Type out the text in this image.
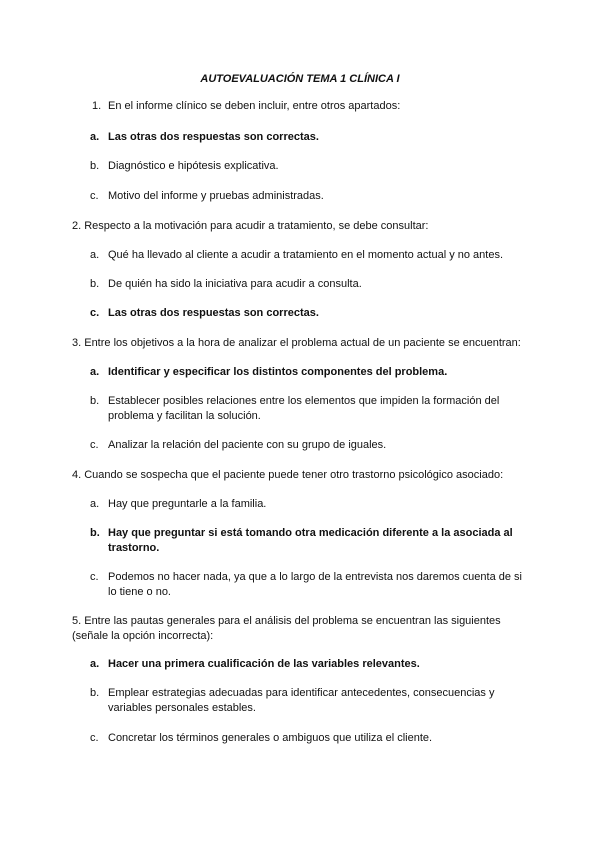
AUTOEVALUACIÓN TEMA 1 CLÍNICA I
1. En el informe clínico se deben incluir, entre otros apartados:
a. Las otras dos respuestas son correctas.
b. Diagnóstico e hipótesis explicativa.
c. Motivo del informe y pruebas administradas.
2. Respecto a la motivación para acudir a tratamiento, se debe consultar:
a. Qué ha llevado al cliente a acudir a tratamiento en el momento actual y no antes.
b. De quién ha sido la iniciativa para acudir a consulta.
c. Las otras dos respuestas son correctas.
3. Entre los objetivos a la hora de analizar el problema actual de un paciente se encuentran:
a. Identificar y especificar los distintos componentes del problema.
b. Establecer posibles relaciones entre los elementos que impiden la formación del problema y facilitan la solución.
c. Analizar la relación del paciente con su grupo de iguales.
4. Cuando se sospecha que el paciente puede tener otro trastorno psicológico asociado:
a. Hay que preguntarle a la familia.
b. Hay que preguntar si está tomando otra medicación diferente a la asociada al trastorno.
c. Podemos no hacer nada, ya que a lo largo de la entrevista nos daremos cuenta de si lo tiene o no.
5. Entre las pautas generales para el análisis del problema se encuentran las siguientes (señale la opción incorrecta):
a. Hacer una primera cualificación de las variables relevantes.
b. Emplear estrategias adecuadas para identificar antecedentes, consecuencias y variables personales estables.
c. Concretar los términos generales o ambiguos que utiliza el cliente.
